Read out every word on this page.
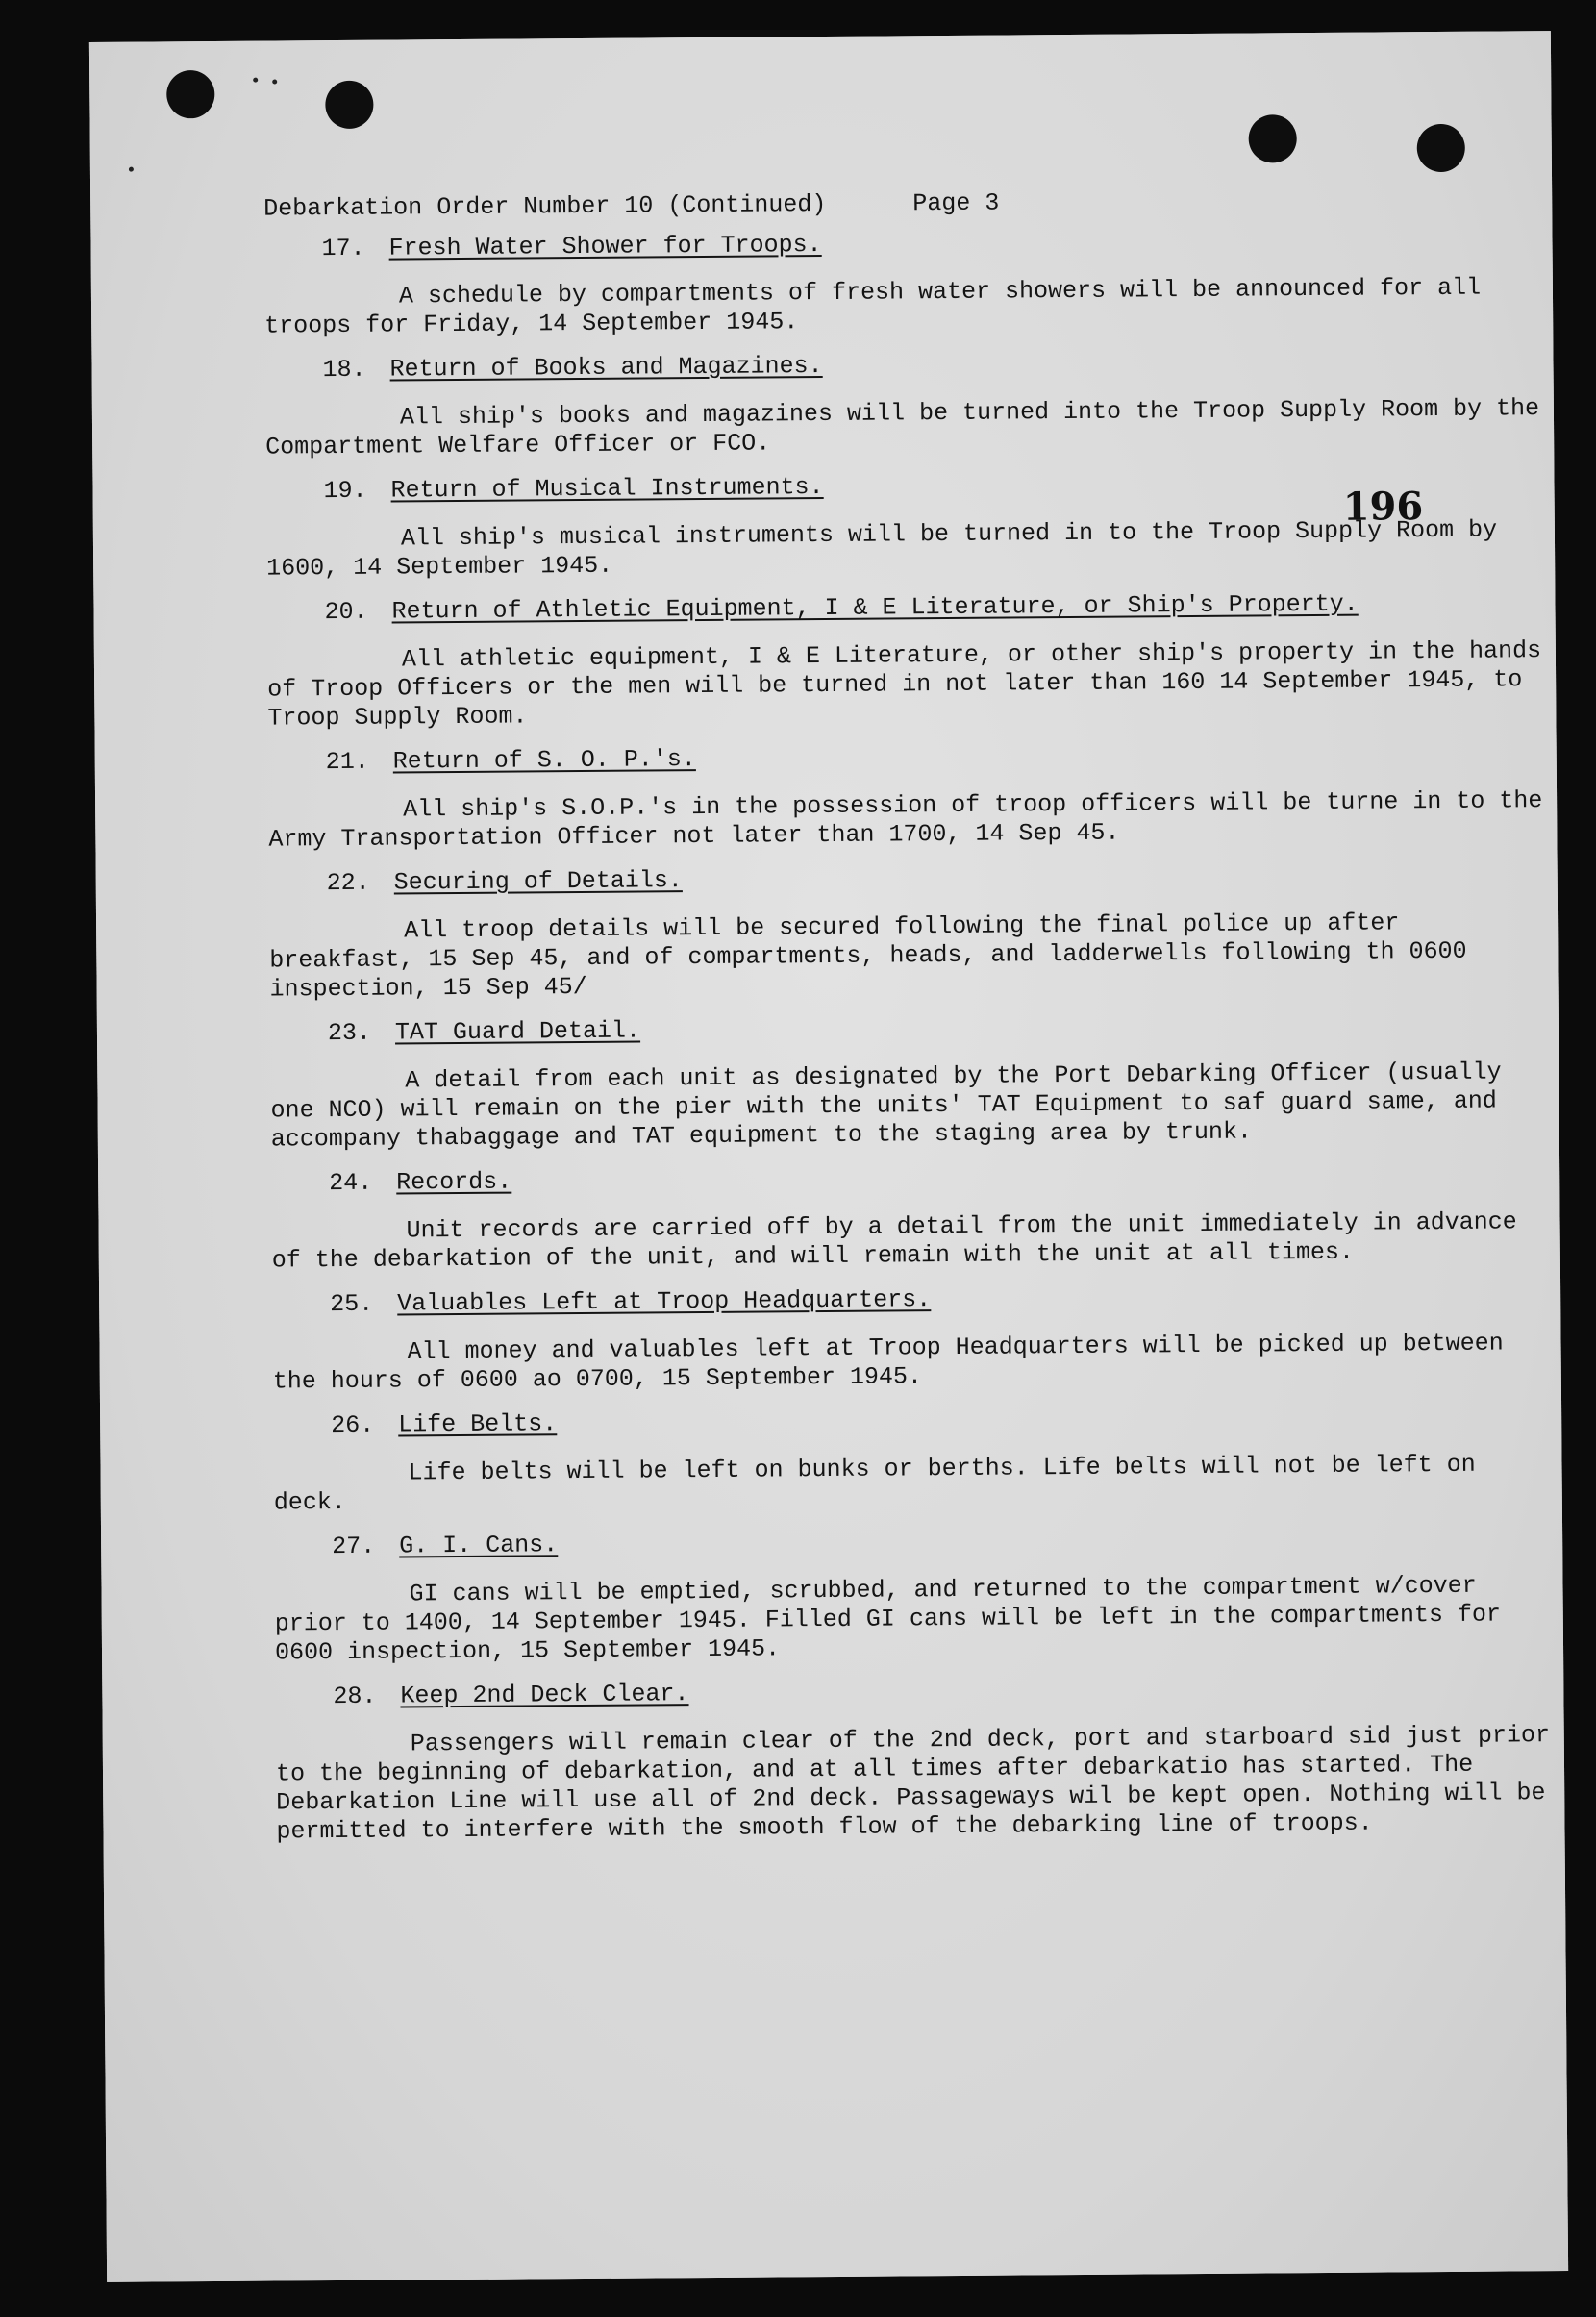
196
Debarkation Order Number 10 (Continued)	Page 3
17. Fresh Water Shower for Troops.

A schedule by compartments of fresh water showers will be announced for all troops for Friday, 14 September 1945.

18. Return of Books and Magazines.

All ship's books and magazines will be turned into the Troop Supply Room by the Compartment Welfare Officer or FCO.

19. Return of Musical Instruments.

All ship's musical instruments will be turned in to the Troop Supply Room by 1600, 14 September 1945.

20. Return of Athletic Equipment, I & E Literature, or Ship's Property.

All athletic equipment, I & E Literature, or other ship's property in the hands of Troop Officers or the men will be turned in not later than 160 14 September 1945, to Troop Supply Room.

21. Return of S. O. P.'s.

All ship's S.O.P.'s in the possession of troop officers will be turne in to the Army Transportation Officer not later than 1700, 14 Sep 45.

22. Securing of Details.

All troop details will be secured following the final police up after breakfast, 15 Sep 45, and of compartments, heads, and ladderwells following th 0600 inspection, 15 Sep 45/

23. TAT Guard Detail.

A detail from each unit as designated by the Port Debarking Officer (usually one NCO) will remain on the pier with the units' TAT Equipment to saf guard same, and accompany thabaggage and TAT equipment to the staging area by trunk.

24. Records.

Unit records are carried off by a detail from the unit immediately in advance of the debarkation of the unit, and will remain with the unit at all times.

25. Valuables Left at Troop Headquarters.

All money and valuables left at Troop Headquarters will be picked up between the hours of 0600 ao 0700, 15 September 1945.

26. Life Belts.

Life belts will be left on bunks or berths. Life belts will not be left on deck.

27. G. I. Cans.

GI cans will be emptied, scrubbed, and returned to the compartment w/cover prior to 1400, 14 September 1945. Filled GI cans will be left in the compartments for 0600 inspection, 15 September 1945.

28. Keep 2nd Deck Clear.

Passengers will remain clear of the 2nd deck, port and starboard sid just prior to the beginning of debarkation, and at all times after debarkatio has started. The Debarkation Line will use all of 2nd deck. Passageways wil be kept open. Nothing will be permitted to interfere with the smooth flow of the debarking line of troops.
